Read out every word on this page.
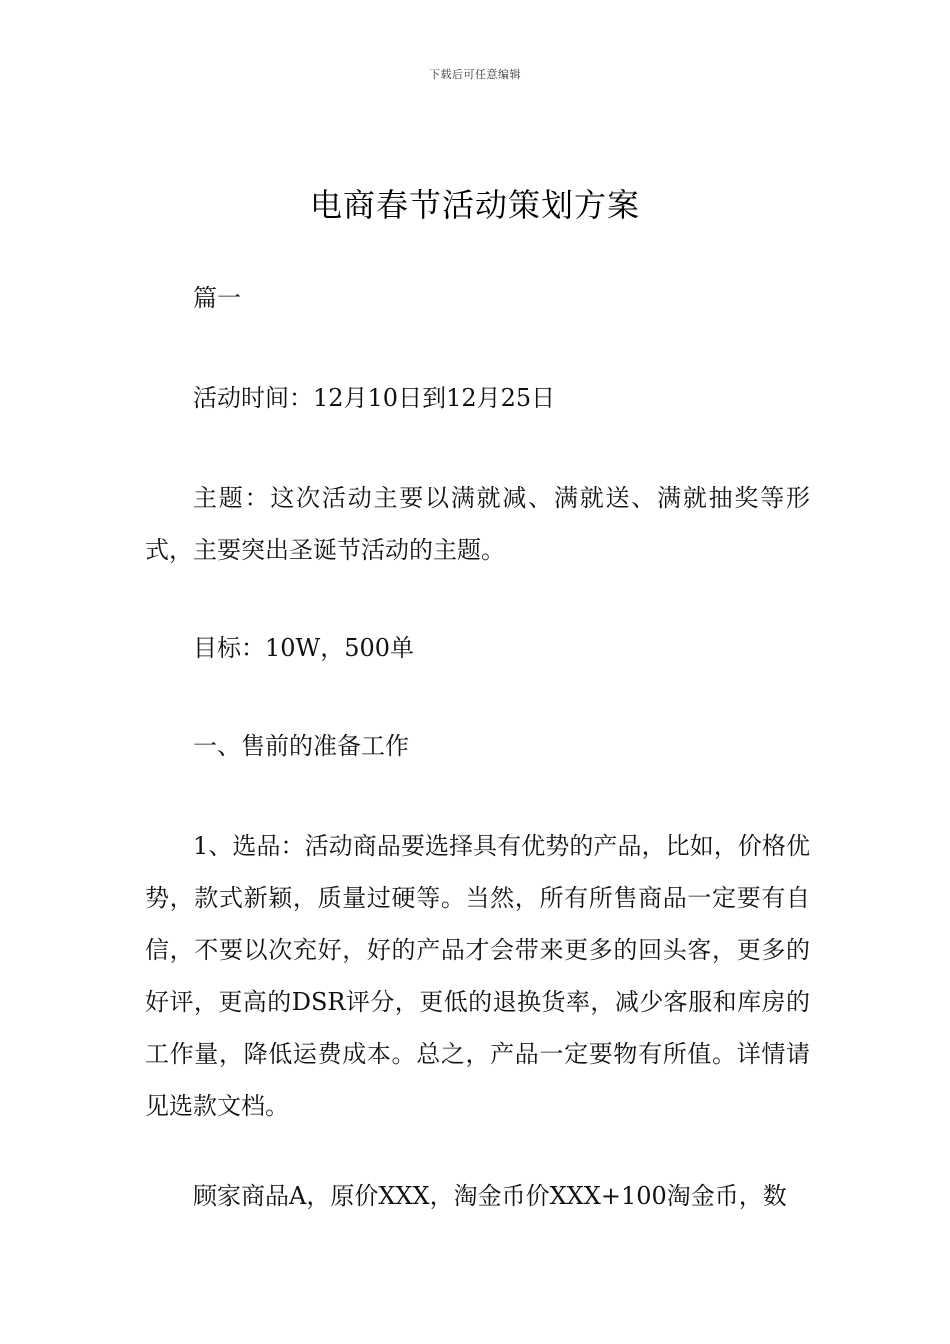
下载后可任意编辑
电商春节活动策划方案

篇一

活动时间：12月10日到12月25日

主题：这次活动主要以满就减、满就送、满就抽奖等形式，主要突出圣诞节活动的主题。

目标：10W，500单

一、售前的准备工作

1、选品：活动商品要选择具有优势的产品，比如，价格优势，款式新颖，质量过硬等。当然，所有所售商品一定要有自信，不要以次充好，好的产品才会带来更多的回头客，更多的好评，更高的DSR评分，更低的退换货率，减少客服和库房的工作量，降低运费成本。总之，产品一定要物有所值。详情请见选款文档。

顾家商品A，原价XXX，淘金币价XXX+100淘金币，数
